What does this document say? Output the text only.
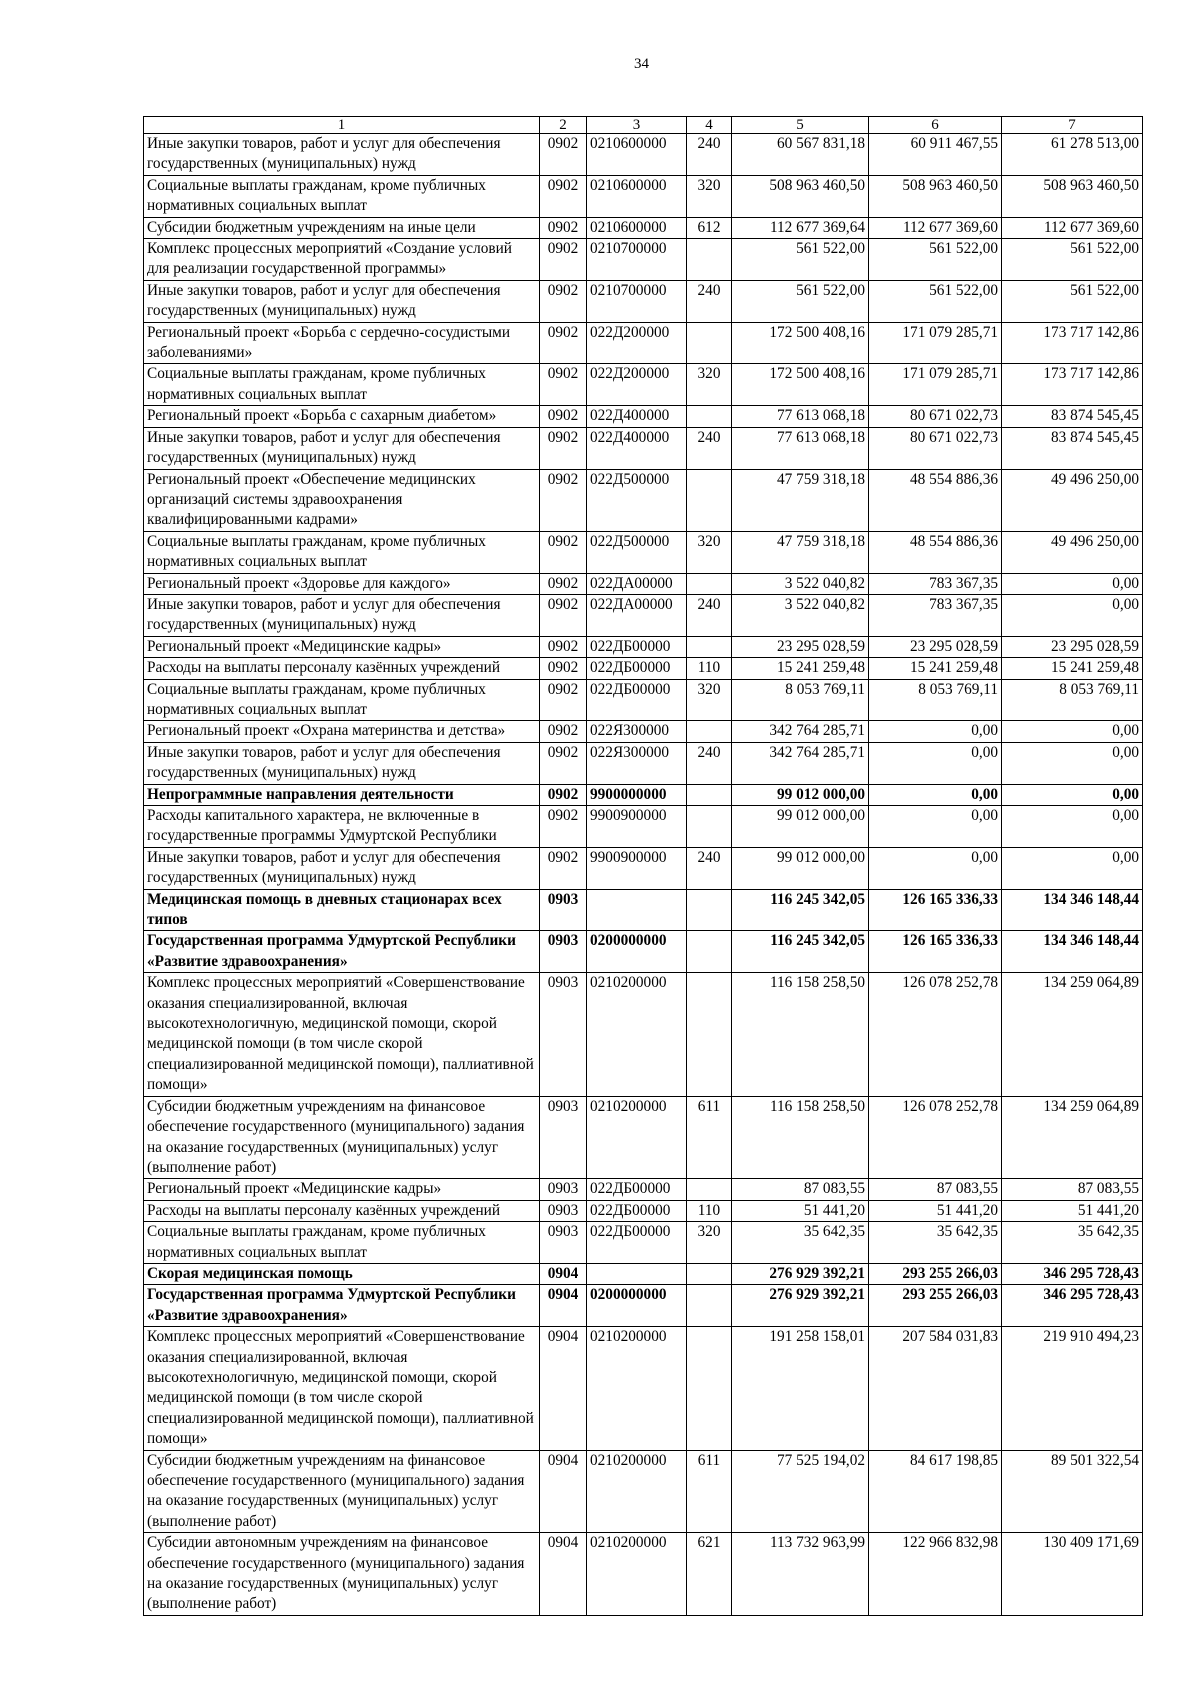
34
1	2	3	4	5	6	7
Иные закупки товаров, работ и услуг для обеспечения государственных (муниципальных) нужд	0902	0210600000	240	60 567 831,18	60 911 467,55	61 278 513,00
Социальные выплаты гражданам, кроме публичных нормативных социальных выплат	0902	0210600000	320	508 963 460,50	508 963 460,50	508 963 460,50
Субсидии бюджетным учреждениям на иные цели	0902	0210600000	612	112 677 369,64	112 677 369,60	112 677 369,60
Комплекс процессных мероприятий «Создание условий для реализации государственной программы»	0902	0210700000		561 522,00	561 522,00	561 522,00
Иные закупки товаров, работ и услуг для обеспечения государственных (муниципальных) нужд	0902	0210700000	240	561 522,00	561 522,00	561 522,00
Региональный проект «Борьба с сердечно-сосудистыми заболеваниями»	0902	022Д200000		172 500 408,16	171 079 285,71	173 717 142,86
Социальные выплаты гражданам, кроме публичных нормативных социальных выплат	0902	022Д200000	320	172 500 408,16	171 079 285,71	173 717 142,86
Региональный проект «Борьба с сахарным диабетом»	0902	022Д400000		77 613 068,18	80 671 022,73	83 874 545,45
Иные закупки товаров, работ и услуг для обеспечения государственных (муниципальных) нужд	0902	022Д400000	240	77 613 068,18	80 671 022,73	83 874 545,45
Региональный проект «Обеспечение медицинских организаций системы здравоохранения квалифицированными кадрами»	0902	022Д500000		47 759 318,18	48 554 886,36	49 496 250,00
Социальные выплаты гражданам, кроме публичных нормативных социальных выплат	0902	022Д500000	320	47 759 318,18	48 554 886,36	49 496 250,00
Региональный проект «Здоровье для каждого»	0902	022ДА00000		3 522 040,82	783 367,35	0,00
Иные закупки товаров, работ и услуг для обеспечения государственных (муниципальных) нужд	0902	022ДА00000	240	3 522 040,82	783 367,35	0,00
Региональный проект «Медицинские кадры»	0902	022ДБ00000		23 295 028,59	23 295 028,59	23 295 028,59
Расходы на выплаты персоналу казённых учреждений	0902	022ДБ00000	110	15 241 259,48	15 241 259,48	15 241 259,48
Социальные выплаты гражданам, кроме публичных нормативных социальных выплат	0902	022ДБ00000	320	8 053 769,11	8 053 769,11	8 053 769,11
Региональный проект «Охрана материнства и детства»	0902	022Я300000		342 764 285,71	0,00	0,00
Иные закупки товаров, работ и услуг для обеспечения государственных (муниципальных) нужд	0902	022Я300000	240	342 764 285,71	0,00	0,00
Непрограммные направления деятельности	0902	9900000000		99 012 000,00	0,00	0,00
Расходы капитального характера, не включенные в государственные программы Удмуртской Республики	0902	9900900000		99 012 000,00	0,00	0,00
Иные закупки товаров, работ и услуг для обеспечения государственных (муниципальных) нужд	0902	9900900000	240	99 012 000,00	0,00	0,00
Медицинская помощь в дневных стационарах всех типов	0903			116 245 342,05	126 165 336,33	134 346 148,44
Государственная программа Удмуртской Республики «Развитие здравоохранения»	0903	0200000000		116 245 342,05	126 165 336,33	134 346 148,44
Комплекс процессных мероприятий «Совершенствование оказания специализированной, включая высокотехнологичную, медицинской помощи, скорой медицинской помощи (в том числе скорой специализированной медицинской помощи), паллиативной помощи»	0903	0210200000		116 158 258,50	126 078 252,78	134 259 064,89
Субсидии бюджетным учреждениям на финансовое обеспечение государственного (муниципального) задания на оказание государственных (муниципальных) услуг (выполнение работ)	0903	0210200000	611	116 158 258,50	126 078 252,78	134 259 064,89
Региональный проект «Медицинские кадры»	0903	022ДБ00000		87 083,55	87 083,55	87 083,55
Расходы на выплаты персоналу казённых учреждений	0903	022ДБ00000	110	51 441,20	51 441,20	51 441,20
Социальные выплаты гражданам, кроме публичных нормативных социальных выплат	0903	022ДБ00000	320	35 642,35	35 642,35	35 642,35
Скорая медицинская помощь	0904			276 929 392,21	293 255 266,03	346 295 728,43
Государственная программа Удмуртской Республики «Развитие здравоохранения»	0904	0200000000		276 929 392,21	293 255 266,03	346 295 728,43
Комплекс процессных мероприятий «Совершенствование оказания специализированной, включая высокотехнологичную, медицинской помощи, скорой медицинской помощи (в том числе скорой специализированной медицинской помощи), паллиативной помощи»	0904	0210200000		191 258 158,01	207 584 031,83	219 910 494,23
Субсидии бюджетным учреждениям на финансовое обеспечение государственного (муниципального) задания на оказание государственных (муниципальных) услуг (выполнение работ)	0904	0210200000	611	77 525 194,02	84 617 198,85	89 501 322,54
Субсидии автономным учреждениям на финансовое обеспечение государственного (муниципального) задания на оказание государственных (муниципальных) услуг (выполнение работ)	0904	0210200000	621	113 732 963,99	122 966 832,98	130 409 171,69
